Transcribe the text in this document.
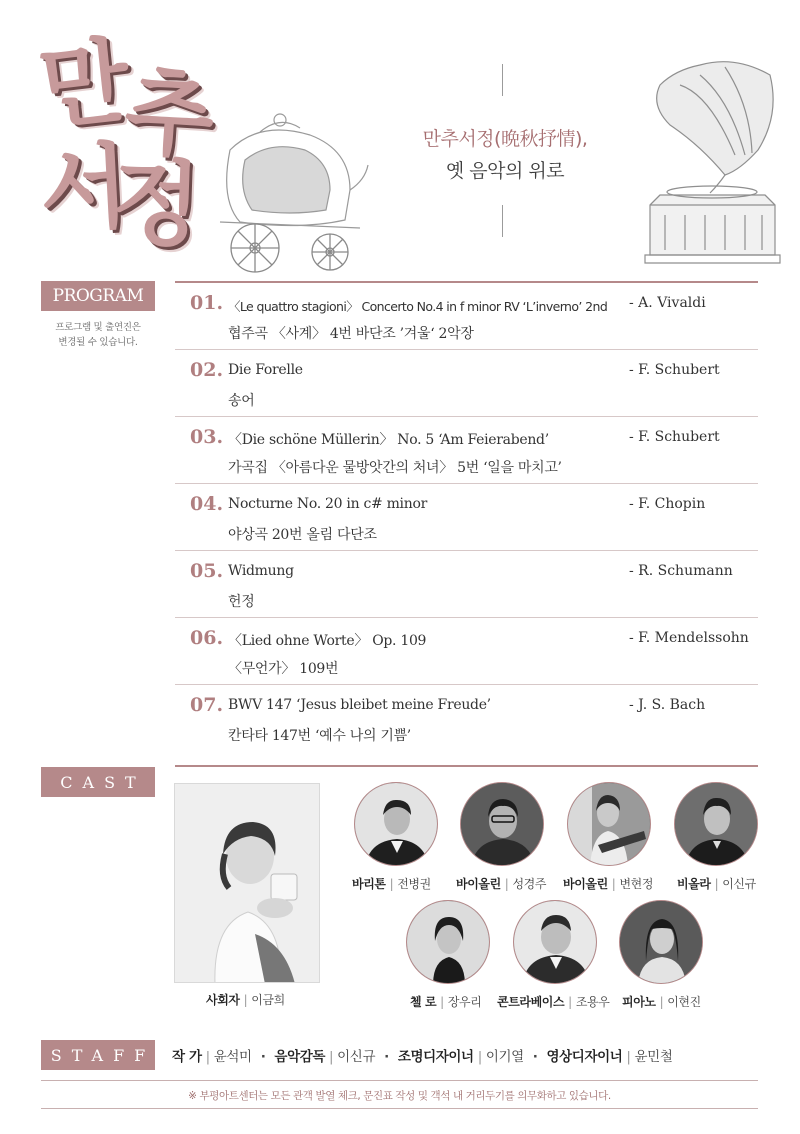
만
추
서
정
만추서정(晩秋抒情),
옛 음악의 위로
PROGRAM
프로그램 및 출연진은
변경될 수 있습니다.
01. 〈Le quattro stagioni〉 Concerto No.4 in f minor RV ‘L’inverno’ 2nd
협주곡 〈사계〉 4번 바단조 ’겨울‘ 2악장
- A. Vivaldi
02. Die Forelle
송어
- F. Schubert
03. 〈Die schöne Müllerin〉 No. 5 ‘Am Feierabend’
가곡집 〈아름다운 물방앗간의 처녀〉 5번 ‘일을 마치고’
- F. Schubert
04. Nocturne No. 20 in c# minor
야상곡 20번 올림 다단조
- F. Chopin
05. Widmung
헌정
- R. Schumann
06. 〈Lied ohne Worte〉 Op. 109
〈무언가〉 109번
- F. Mendelssohn
07. BWV 147 ‘Jesus bleibet meine Freude’
칸타타 147번 ‘예수 나의 기쁨’
- J. S. Bach
CAST
사회자 | 이금희
바리톤 | 전병권 바이올린 | 성경주 바이올린 | 변현정 비올라 | 이신규
첼 로 | 장우리 콘트라베이스 | 조용우 피아노 | 이현진
STAFF 작 가 | 윤석미 · 음악감독 | 이신규 · 조명디자이너 | 이기열 · 영상디자이너 | 윤민철
※ 부평아트센터는 모든 관객 발열 체크, 문진표 작성 및 객석 내 거리두기를 의무화하고 있습니다.
